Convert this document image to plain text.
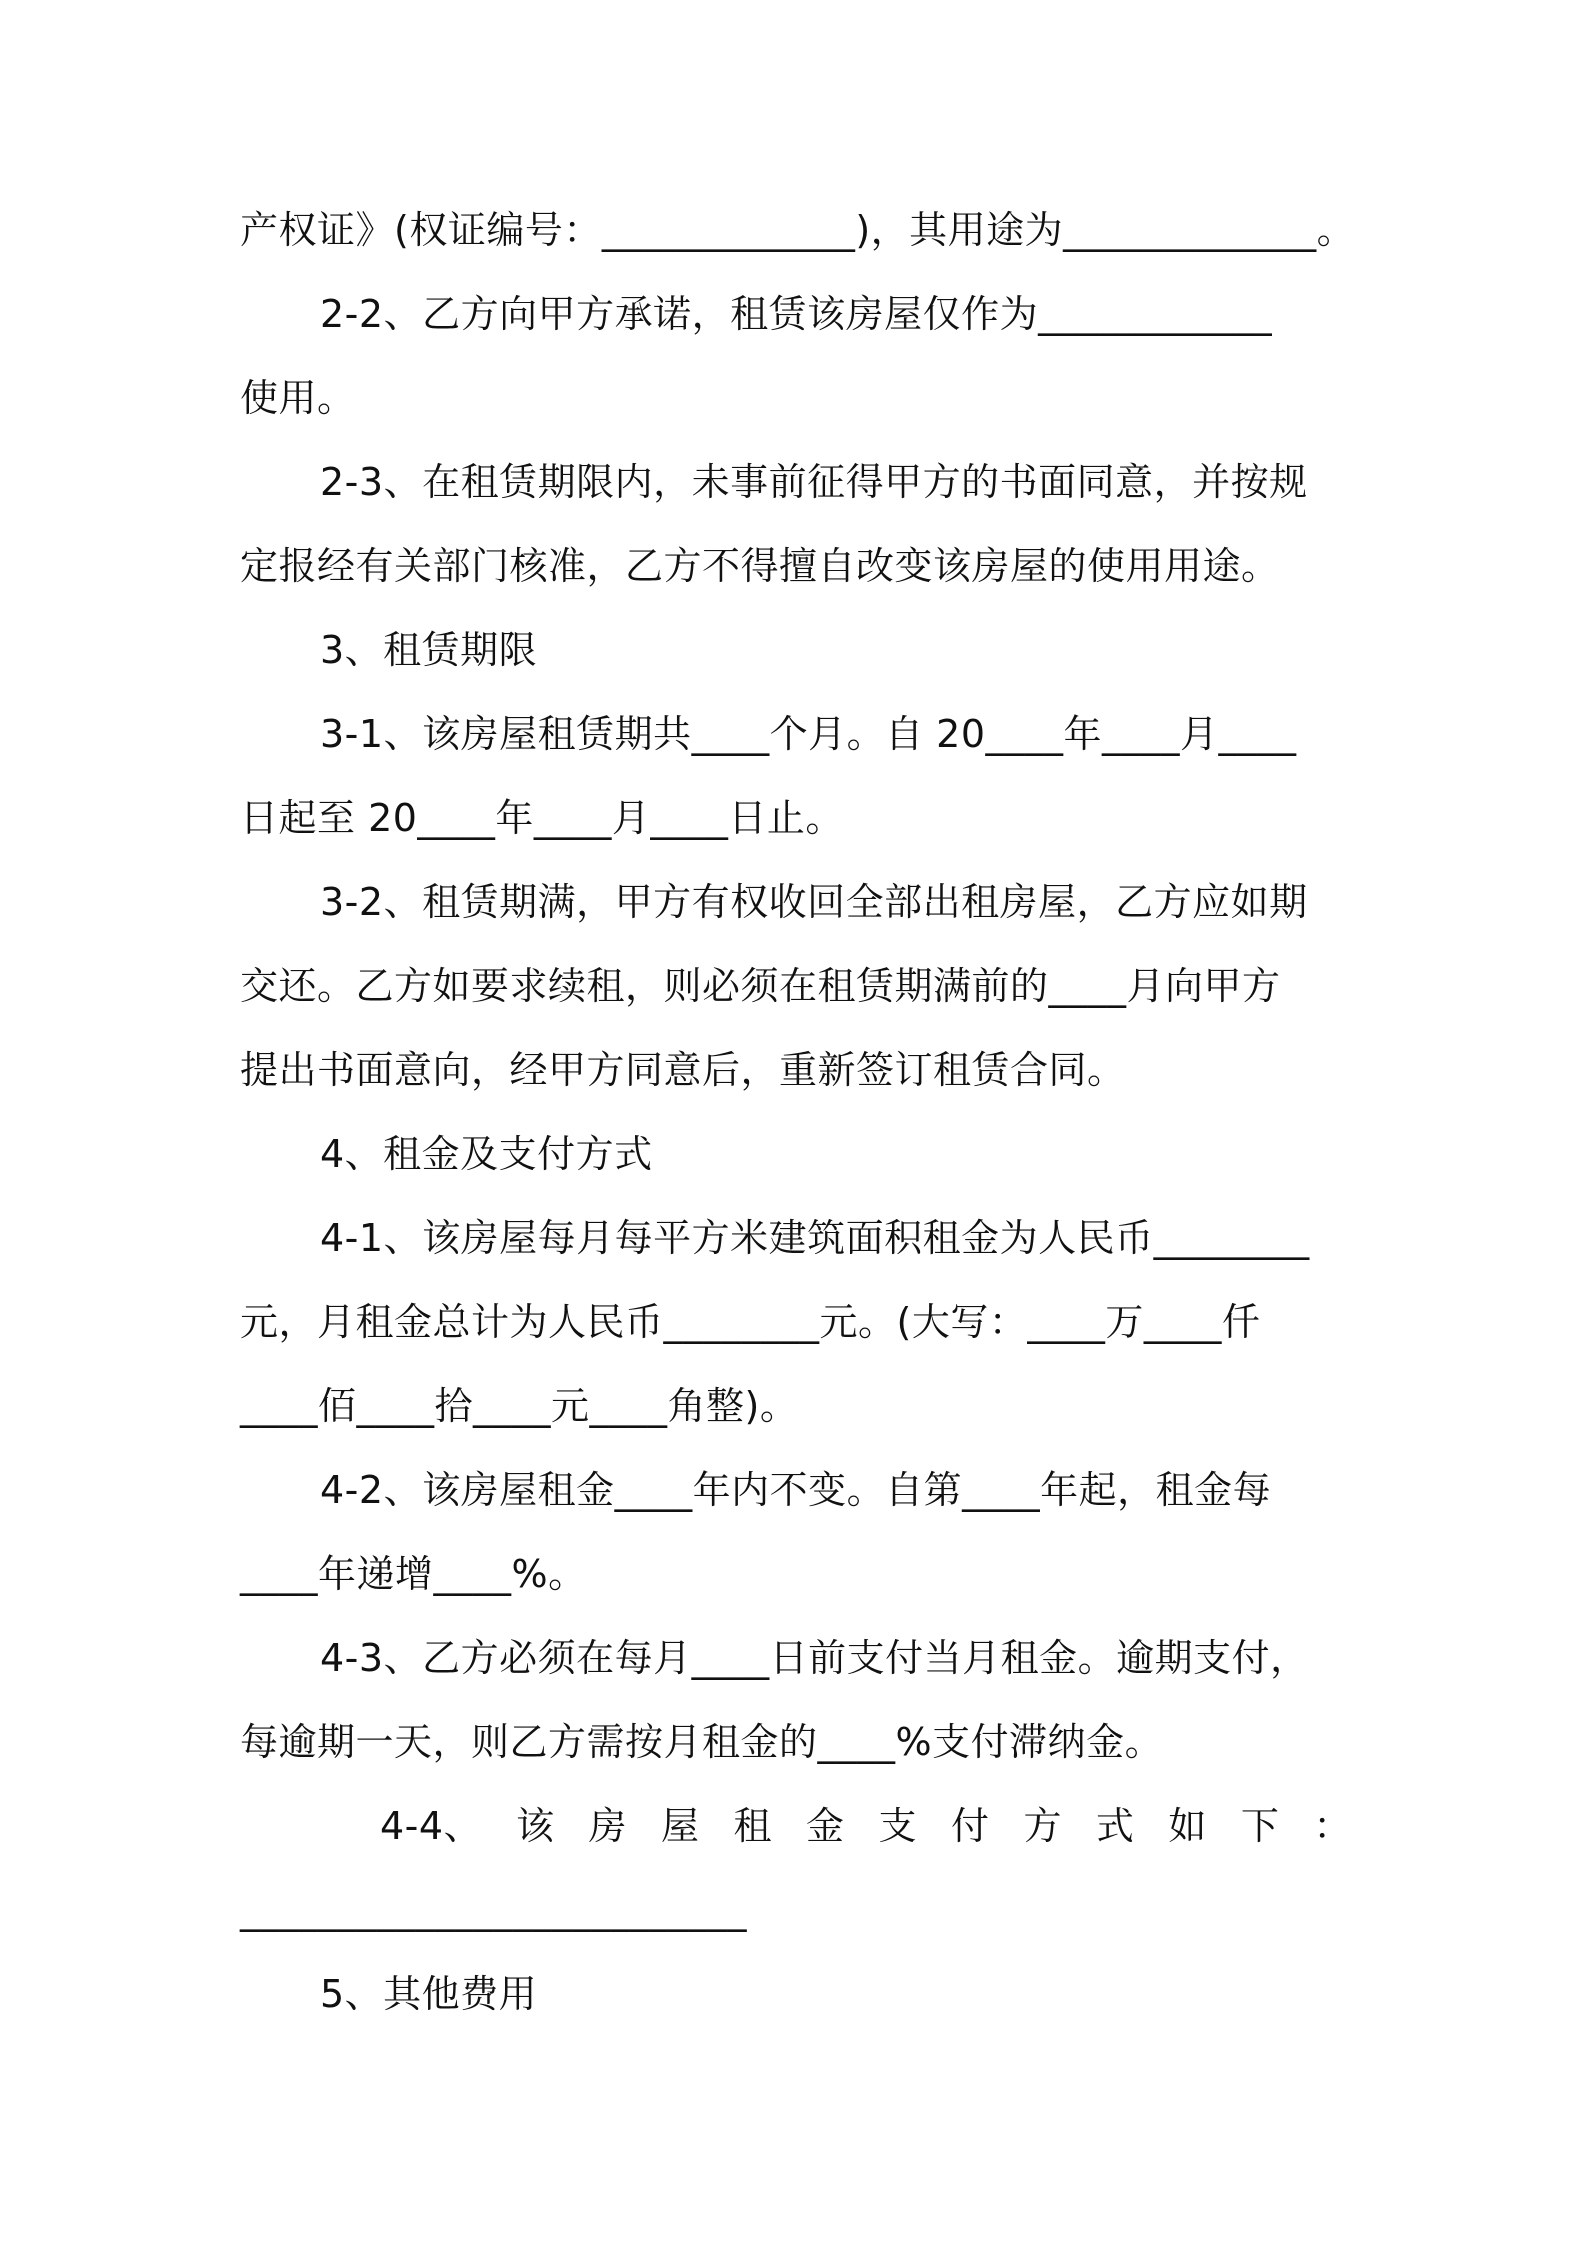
产权证》(权证编号：_____________)，其用途为_____________。
2-2、乙方向甲方承诺，租赁该房屋仅作为____________
使用。
2-3、在租赁期限内，未事前征得甲方的书面同意，并按规
定报经有关部门核准，乙方不得擅自改变该房屋的使用用途。
3、租赁期限
3-1、该房屋租赁期共____个月。自 20____年____月____
日起至 20____年____月____日止。
3-2、租赁期满，甲方有权收回全部出租房屋，乙方应如期
交还。乙方如要求续租，则必须在租赁期满前的____月向甲方
提出书面意向，经甲方同意后，重新签订租赁合同。
4、租金及支付方式
4-1、该房屋每月每平方米建筑面积租金为人民币________
元，月租金总计为人民币________元。(大写：____万____仟
____佰____拾____元____角整)。
4-2、该房屋租金____年内不变。自第____年起，租金每
____年递增____%。
4-3、乙方必须在每月____日前支付当月租金。逾期支付，
每逾期一天，则乙方需按月租金的____%支付滞纳金。
4-4、 该 房 屋 租 金 支 付 方 式 如 下 ：
__________________________
5、其他费用
